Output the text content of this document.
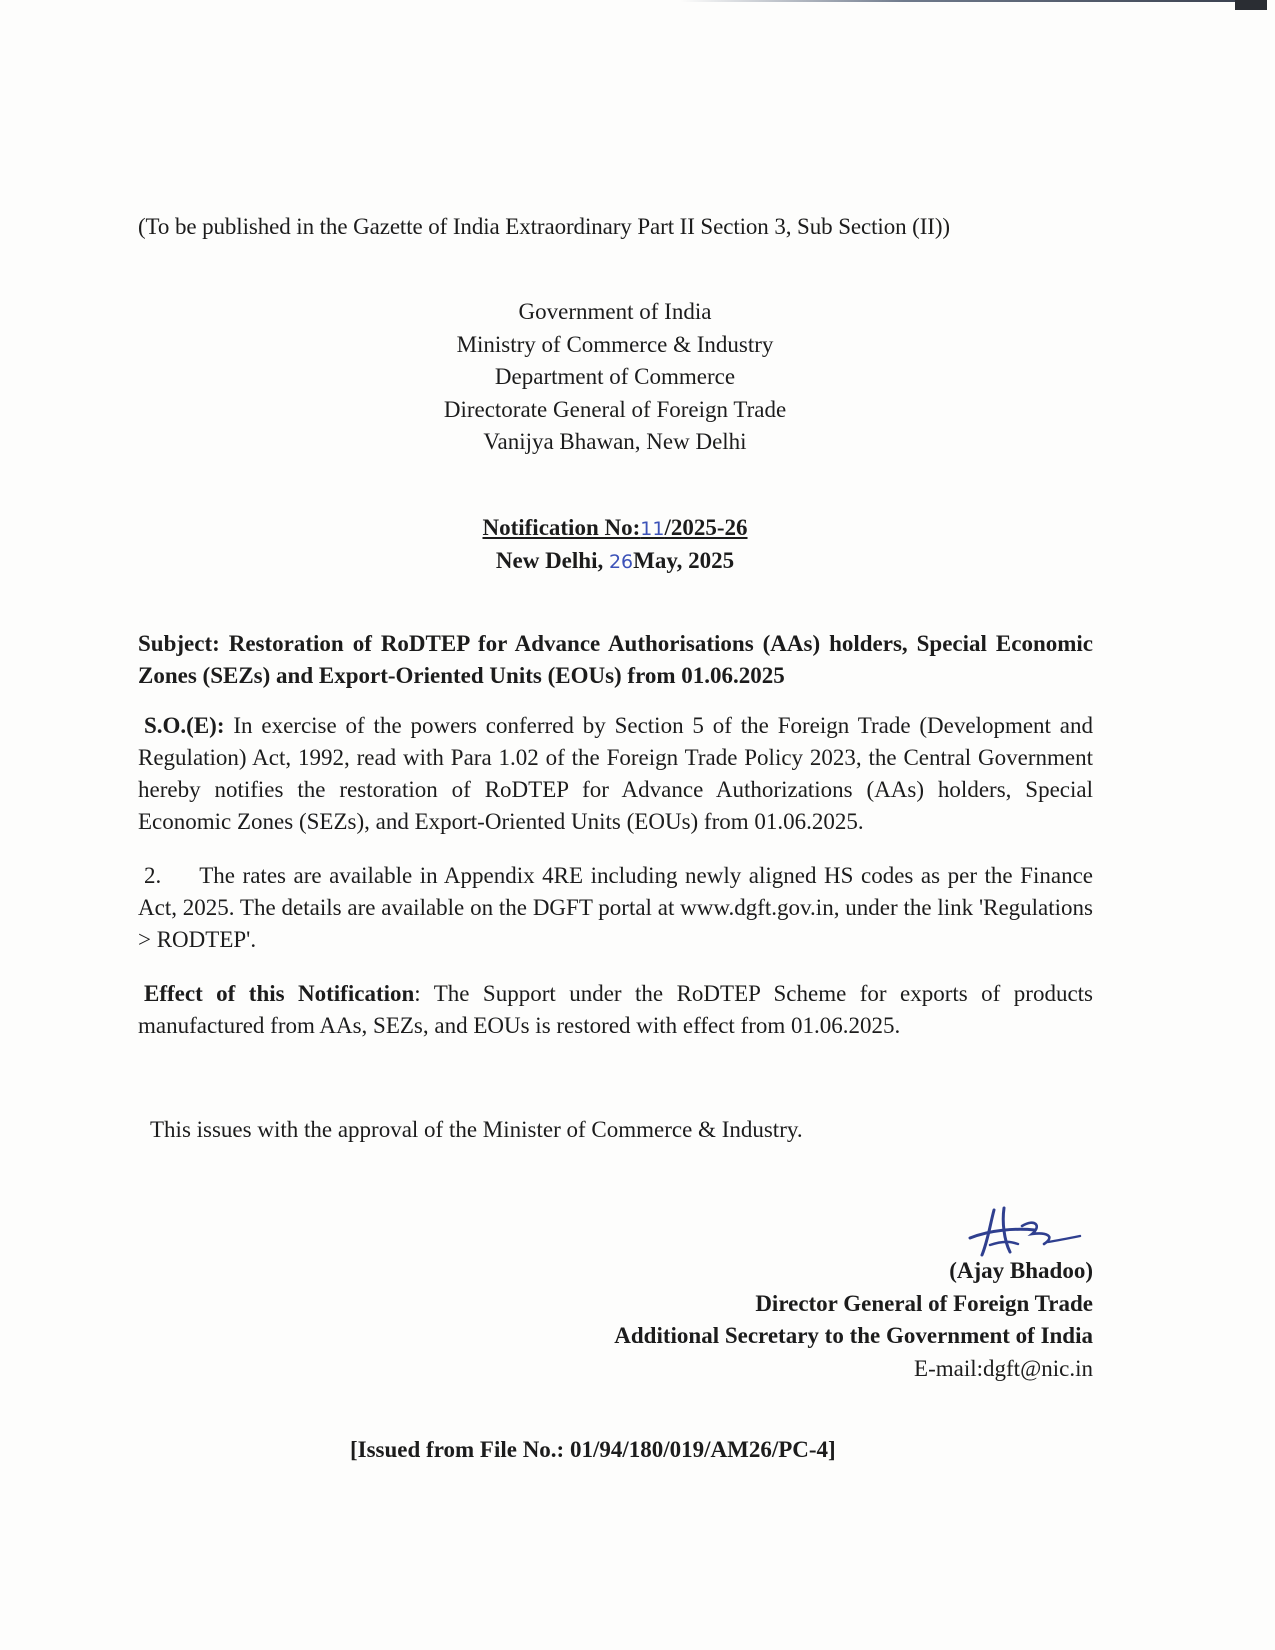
(To be published in the Gazette of India Extraordinary Part II Section 3, Sub Section (II))
Government of India
Ministry of Commerce & Industry
Department of Commerce
Directorate General of Foreign Trade
Vanijya Bhawan, New Delhi
Notification No:11/2025-26
New Delhi, 26May, 2025
Subject: Restoration of RoDTEP for Advance Authorisations (AAs) holders, Special Economic Zones (SEZs) and Export-Oriented Units (EOUs) from 01.06.2025
S.O.(E): In exercise of the powers conferred by Section 5 of the Foreign Trade (Development and Regulation) Act, 1992, read with Para 1.02 of the Foreign Trade Policy 2023, the Central Government hereby notifies the restoration of RoDTEP for Advance Authorizations (AAs) holders, Special Economic Zones (SEZs), and Export-Oriented Units (EOUs) from 01.06.2025.
2. The rates are available in Appendix 4RE including newly aligned HS codes as per the Finance Act, 2025. The details are available on the DGFT portal at www.dgft.gov.in, under the link 'Regulations > RODTEP'.
Effect of this Notification: The Support under the RoDTEP Scheme for exports of products manufactured from AAs, SEZs, and EOUs is restored with effect from 01.06.2025.
This issues with the approval of the Minister of Commerce & Industry.
(Ajay Bhadoo)
Director General of Foreign Trade
Additional Secretary to the Government of India
E-mail:dgft@nic.in
[Issued from File No.: 01/94/180/019/AM26/PC-4]
